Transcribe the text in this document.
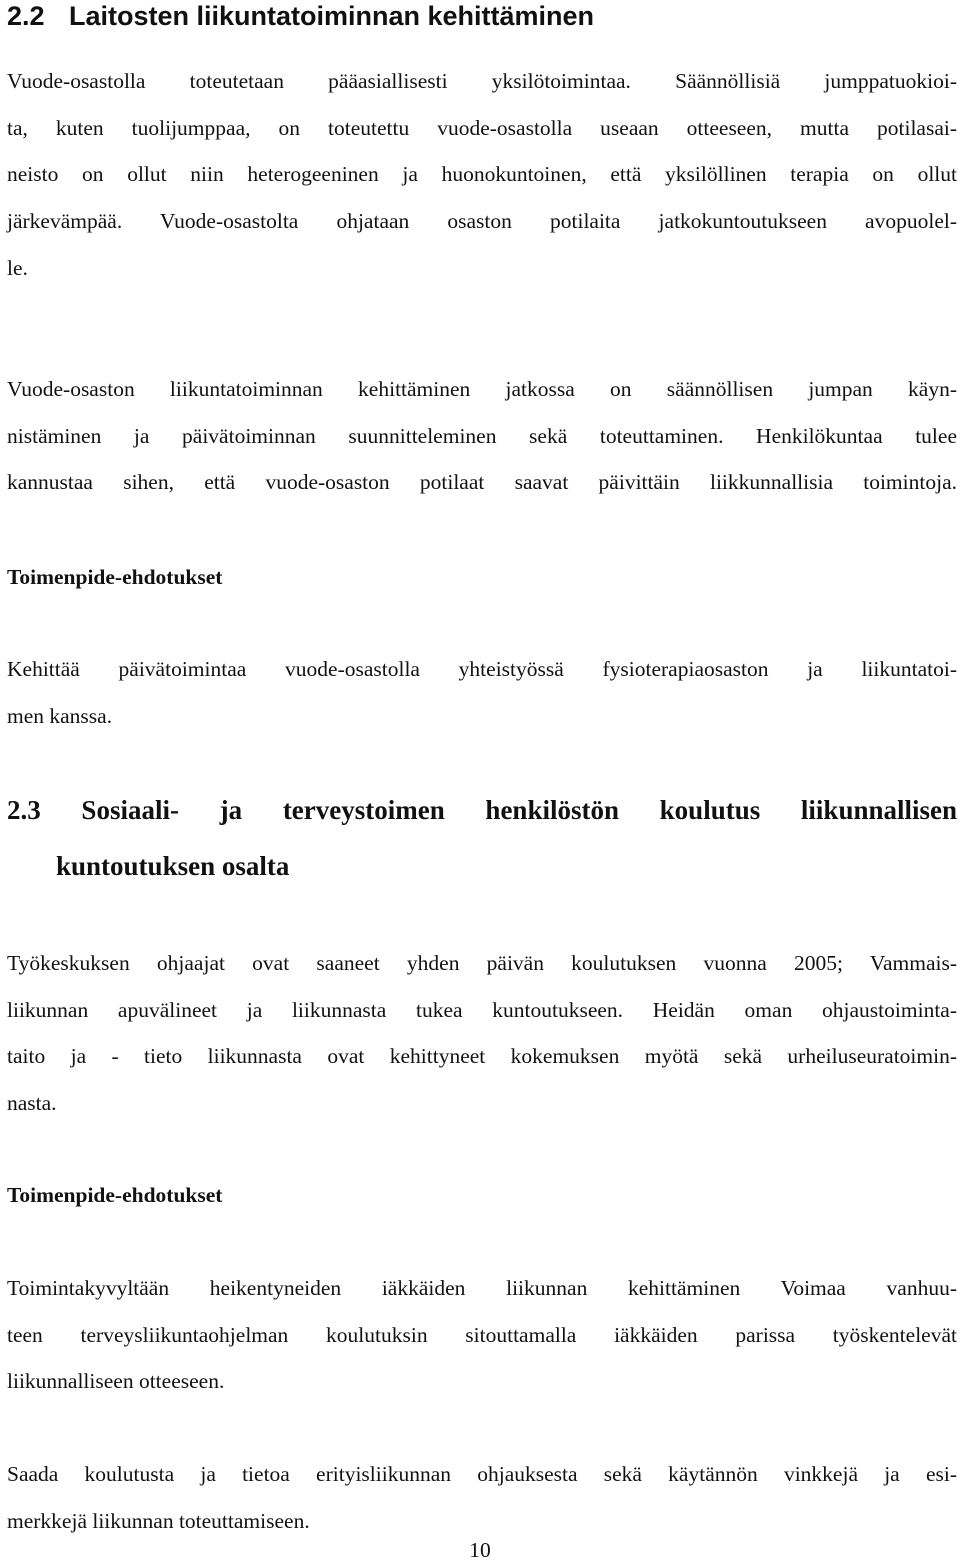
2.2 Laitosten liikuntatoiminnan kehittäminen

Vuode-osastolla toteutetaan pääasiallisesti yksilötoimintaa. Säännöllisiä jumppatuokioi-
ta, kuten tuolijumppaa, on toteutettu vuode-osastolla useaan otteeseen, mutta potilasai-
neisto on ollut niin heterogeeninen ja huonokuntoinen, että yksilöllinen terapia on ollut
järkevämpää. Vuode-osastolta ohjataan osaston potilaita jatkokuntoutukseen avopuolel-
le.

Vuode-osaston liikuntatoiminnan kehittäminen jatkossa on säännöllisen jumpan käyn-
nistäminen ja päivätoiminnan suunnitteleminen sekä toteuttaminen. Henkilökuntaa tulee
kannustaa sihen, että vuode-osaston potilaat saavat päivittäin liikkunnallisia toimintoja.

Toimenpide-ehdotukset

Kehittää päivätoimintaa vuode-osastolla yhteistyössä fysioterapiaosaston ja liikuntatoi-
men kanssa.

2.3 Sosiaali- ja terveystoimen henkilöstön koulutus liikunnallisen
kuntoutuksen osalta

Työkeskuksen ohjaajat ovat saaneet yhden päivän koulutuksen vuonna 2005; Vammais-
liikunnan apuvälineet ja liikunnasta tukea kuntoutukseen. Heidän oman ohjaustoiminta-
taito ja - tieto liikunnasta ovat kehittyneet kokemuksen myötä sekä urheiluseuratoimin-
nasta.

Toimenpide-ehdotukset

Toimintakyvyltään heikentyneiden iäkkäiden liikunnan kehittäminen Voimaa vanhuu-
teen terveysliikuntaohjelman koulutuksin sitouttamalla iäkkäiden parissa työskentelevät
liikunnalliseen otteeseen.

Saada koulutusta ja tietoa erityisliikunnan ohjauksesta sekä käytännön vinkkejä ja esi-
merkkejä liikunnan toteuttamiseen.

10
